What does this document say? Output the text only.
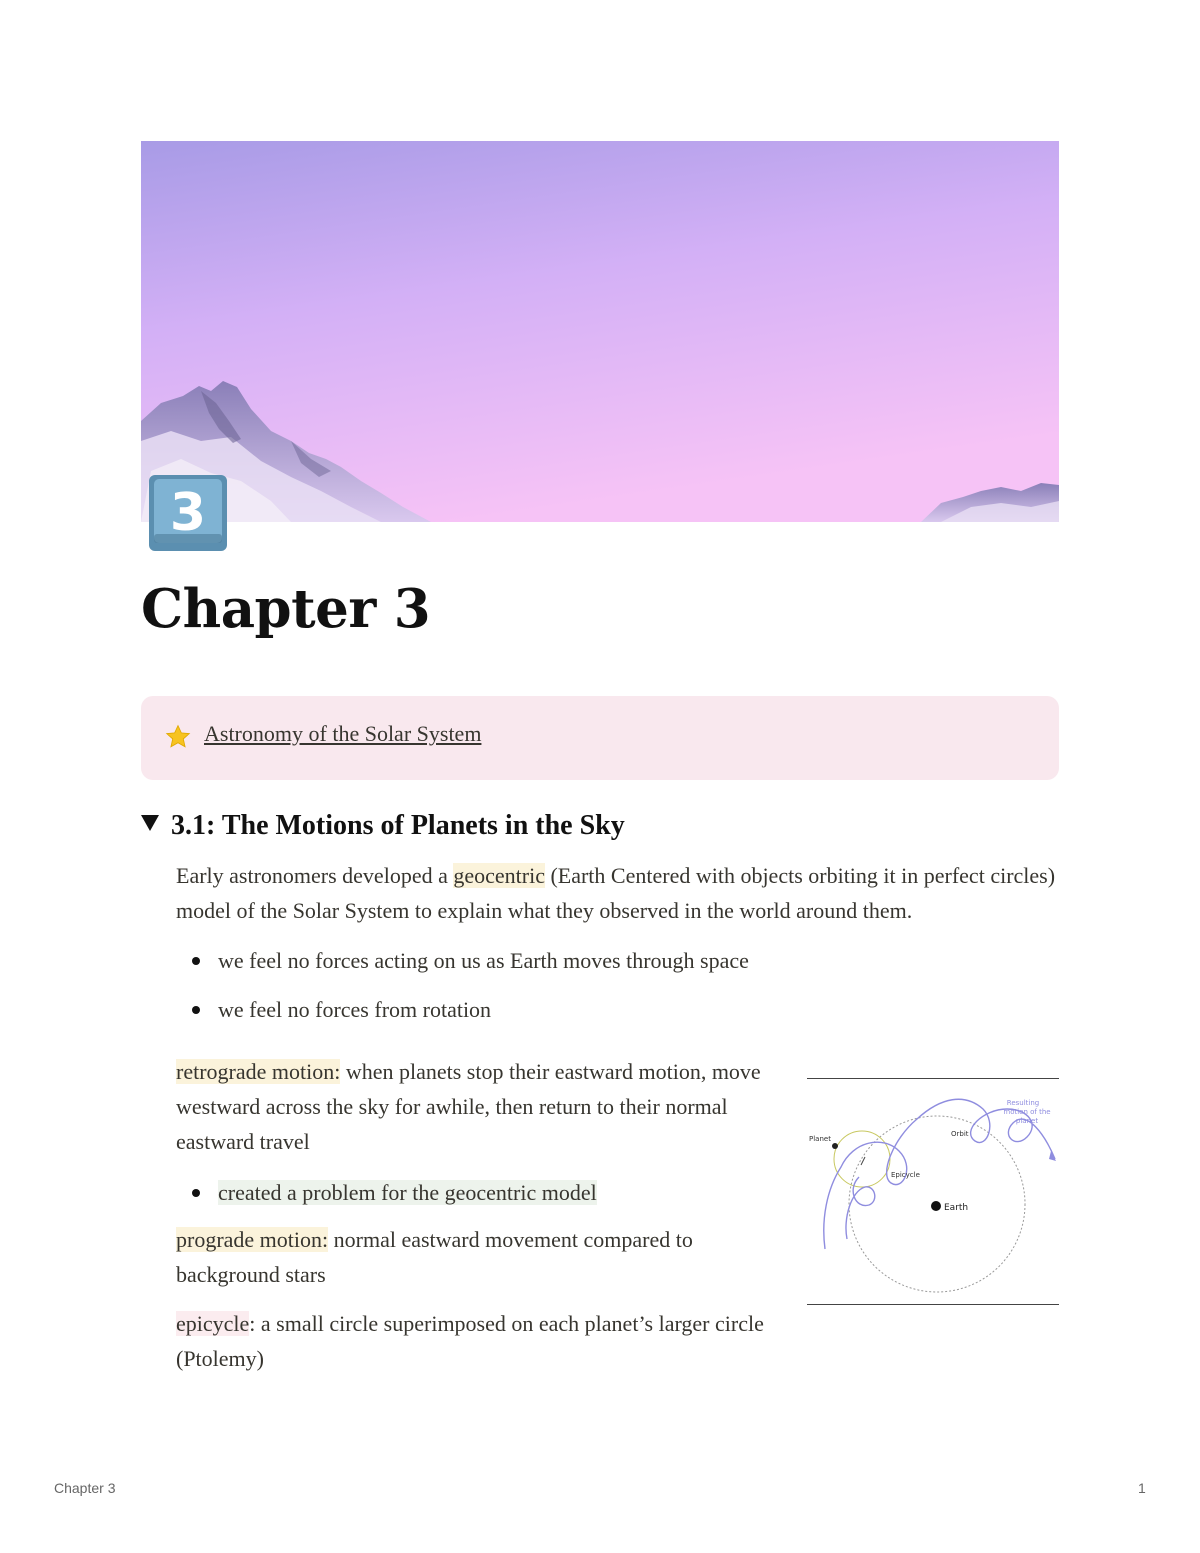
3
Chapter 3
Astronomy of the Solar System
3.1: The Motions of Planets in the Sky

Early astronomers developed a geocentric (Earth Centered with objects orbiting it in perfect circles) model of the Solar System to explain what they observed in the world around them.

we feel no forces acting on us as Earth moves through space
we feel no forces from rotation

retrograde motion: when planets stop their eastward motion, move westward across the sky for awhile, then return to their normal eastward travel

created a problem for the geocentric model

prograde motion: normal eastward movement compared to background stars

epicycle: a small circle superimposed on each planet’s larger circle (Ptolemy)

Planet
Orbit
Epicycle
Earth
Resulting
motion of the
planet
Chapter 3	1
